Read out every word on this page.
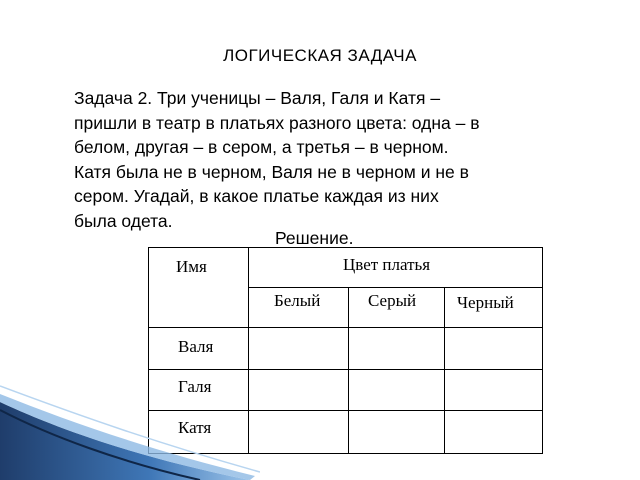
ЛОГИЧЕСКАЯ ЗАДАЧА
Задача 2. Три ученицы – Валя, Галя и Катя –
пришли в театр в платьях разного цвета: одна – в
белом, другая – в сером, а третья – в черном.
Катя была не в черном, Валя не в черном и не в
сером. Угадай, в какое платье каждая из них
была одета.
Решение.
Имя	Цвет платья
Белый	Серый Черный
Валя
Галя
Катя
